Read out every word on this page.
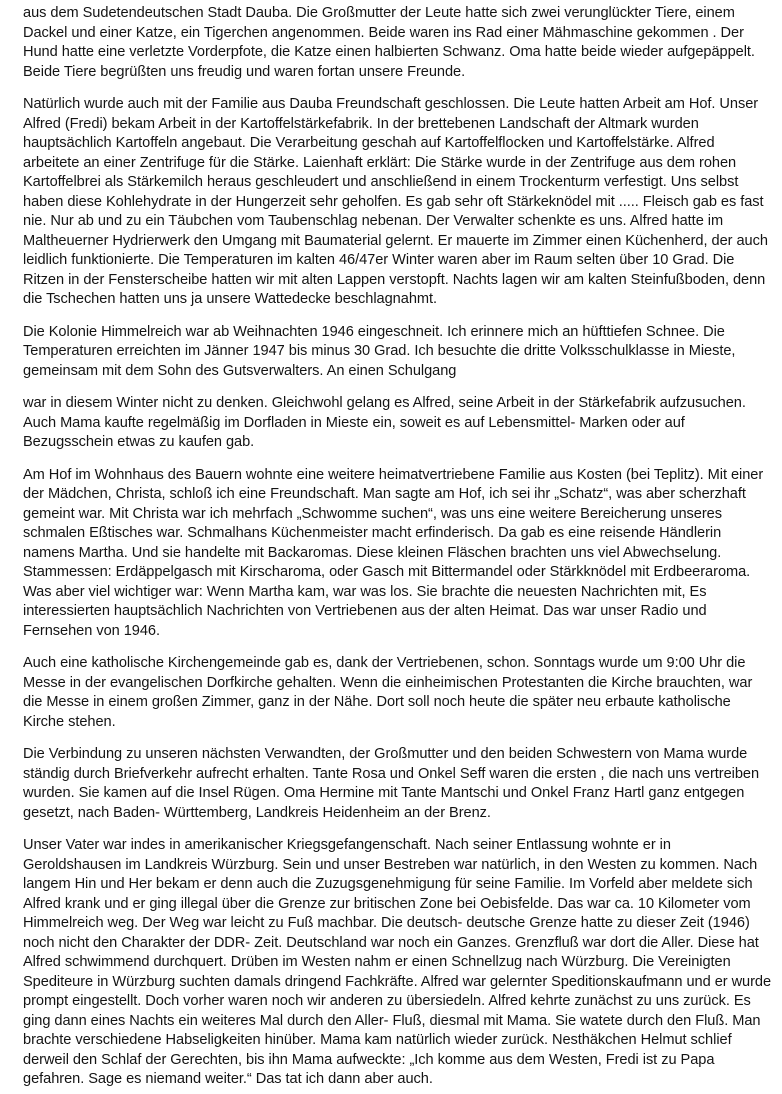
aus dem Sudetendeutschen Stadt Dauba. Die Großmutter der Leute hatte sich zwei verunglückter Tiere, einem Dackel und einer Katze, ein Tigerchen angenommen. Beide waren ins Rad einer Mähmaschine gekommen . Der Hund hatte eine verletzte Vorderpfote, die Katze einen halbierten Schwanz. Oma hatte beide wieder aufgepäppelt. Beide Tiere begrüßten uns freudig und waren fortan unsere Freunde.

Natürlich wurde auch mit der Familie aus Dauba Freundschaft geschlossen. Die Leute hatten Arbeit am Hof. Unser Alfred (Fredi) bekam Arbeit in der Kartoffelstärkefabrik. In der brettebenen Landschaft der Altmark wurden hauptsächlich Kartoffeln angebaut. Die Verarbeitung geschah auf Kartoffelflocken und Kartoffelstärke. Alfred arbeitete an einer Zentrifuge für die Stärke. Laienhaft erklärt: Die Stärke wurde in der Zentrifuge aus dem rohen Kartoffelbrei als Stärkemilch heraus geschleudert und anschließend in einem Trockenturm verfestigt. Uns selbst haben diese Kohlehydrate in der Hungerzeit sehr geholfen. Es gab sehr oft Stärkeknödel mit ..... Fleisch gab es fast nie. Nur ab und zu ein Täubchen vom Taubenschlag nebenan. Der Verwalter schenkte es uns. Alfred hatte im Maltheuerner Hydrierwerk den Umgang mit Baumaterial gelernt. Er mauerte im Zimmer einen Küchenherd, der auch leidlich funktionierte. Die Temperaturen im kalten 46/47er Winter waren aber im Raum selten über 10 Grad. Die Ritzen in der Fensterscheibe hatten wir mit alten Lappen verstopft. Nachts lagen wir am kalten Steinfußboden, denn die Tschechen hatten uns ja unsere Wattedecke beschlagnahmt.

Die Kolonie Himmelreich war ab Weihnachten 1946 eingeschneit. Ich erinnere mich an hüfttiefen Schnee. Die Temperaturen erreichten im Jänner 1947 bis minus 30 Grad. Ich besuchte die dritte Volksschulklasse in Mieste, gemeinsam mit dem Sohn des Gutsverwalters. An einen Schulgang

war in diesem Winter nicht zu denken. Gleichwohl gelang es Alfred, seine Arbeit in der Stärkefabrik aufzusuchen. Auch Mama kaufte regelmäßig im Dorfladen in Mieste ein, soweit es auf Lebensmittel- Marken oder auf Bezugsschein etwas zu kaufen gab.

Am Hof im Wohnhaus des Bauern wohnte eine weitere heimatvertriebene Familie aus Kosten (bei Teplitz). Mit einer der Mädchen, Christa, schloß ich eine Freundschaft. Man sagte am Hof, ich sei ihr „Schatz“, was aber scherzhaft gemeint war. Mit Christa war ich mehrfach „Schwomme suchen“, was uns eine weitere Bereicherung unseres schmalen Eßtisches war. Schmalhans Küchenmeister macht erfinderisch. Da gab es eine reisende Händlerin namens Martha. Und sie handelte mit Backaromas. Diese kleinen Fläschen brachten uns viel Abwechselung. Stammessen: Erdäppelgasch mit Kirscharoma, oder Gasch mit Bittermandel oder Stärkknödel mit Erdbeeraroma. Was aber viel wichtiger war: Wenn Martha kam, war was los. Sie brachte die neuesten Nachrichten mit, Es interessierten hauptsächlich Nachrichten von Vertriebenen aus der alten Heimat. Das war unser Radio und Fernsehen von 1946.

Auch eine katholische Kirchengemeinde gab es, dank der Vertriebenen, schon. Sonntags wurde um 9:00 Uhr die Messe in der evangelischen Dorfkirche gehalten. Wenn die einheimischen Protestanten die Kirche brauchten, war die Messe in einem großen Zimmer, ganz in der Nähe. Dort soll noch heute die später neu erbaute katholische Kirche stehen.

Die Verbindung zu unseren nächsten Verwandten, der Großmutter und den beiden Schwestern von Mama wurde ständig durch Briefverkehr aufrecht erhalten. Tante Rosa und Onkel Seff waren die ersten , die nach uns vertreiben wurden. Sie kamen auf die Insel Rügen. Oma Hermine mit Tante Mantschi und Onkel Franz Hartl ganz entgegen gesetzt, nach Baden- Württemberg, Landkreis Heidenheim an der Brenz.

Unser Vater war indes in amerikanischer Kriegsgefangenschaft. Nach seiner Entlassung wohnte er in Geroldshausen im Landkreis Würzburg. Sein und unser Bestreben war natürlich, in den Westen zu kommen. Nach langem Hin und Her bekam er denn auch die Zuzugsgenehmigung für seine Familie. Im Vorfeld aber meldete sich Alfred krank und er ging illegal über die Grenze zur britischen Zone bei Oebisfelde. Das war ca. 10 Kilometer vom Himmelreich weg. Der Weg war leicht zu Fuß machbar. Die deutsch- deutsche Grenze hatte zu dieser Zeit (1946) noch nicht den Charakter der DDR- Zeit. Deutschland war noch ein Ganzes. Grenzfluß war dort die Aller. Diese hat Alfred schwimmend durchquert. Drüben im Westen nahm er einen Schnellzug nach Würzburg. Die Vereinigten Spediteure in Würzburg suchten damals dringend Fachkräfte. Alfred war gelernter Speditionskaufmann und er wurde prompt eingestellt. Doch vorher waren noch wir anderen zu übersiedeln. Alfred kehrte zunächst zu uns zurück. Es ging dann eines Nachts ein weiteres Mal durch den Aller- Fluß, diesmal mit Mama. Sie watete durch den Fluß. Man brachte verschiedene Habseligkeiten hinüber. Mama kam natürlich wieder zurück. Nesthäkchen Helmut schlief derweil den Schlaf der Gerechten, bis ihn Mama aufweckte: „Ich komme aus dem Westen, Fredi ist zu Papa gefahren. Sage es niemand weiter.“ Das tat ich dann aber auch.
